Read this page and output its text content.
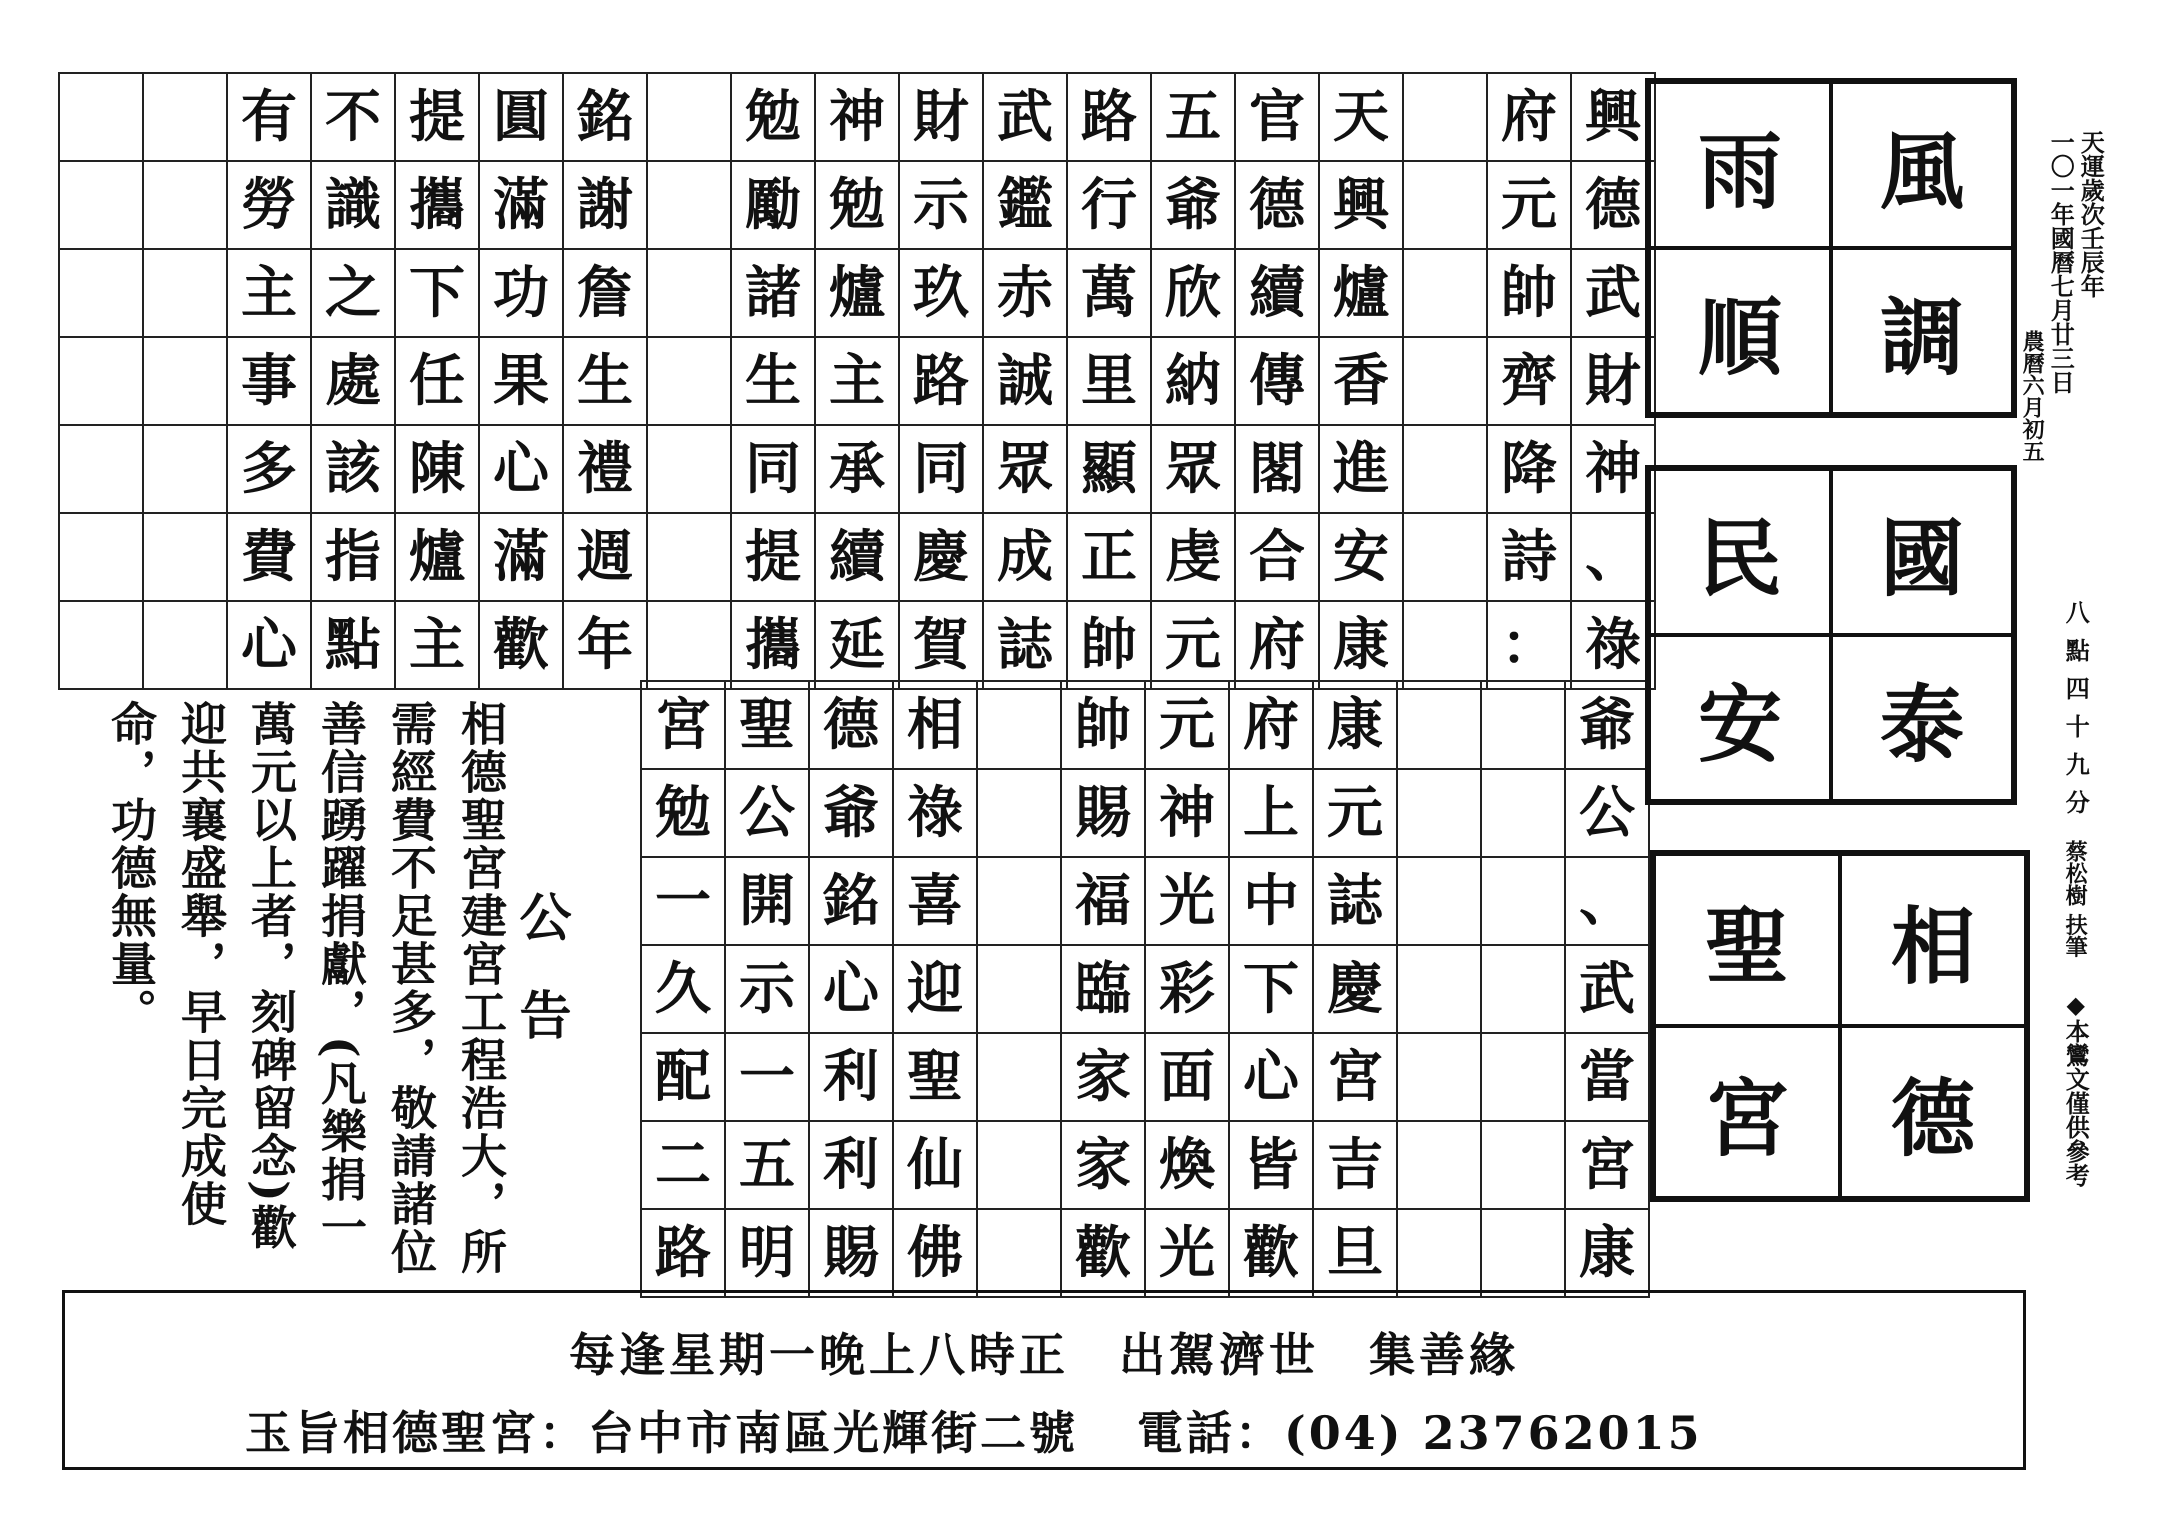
		有	不	提	圓	銘		勉	神	財	武	路	五	官	天		府	興
		勞	識	攜	滿	謝		勵	勉	示	鑑	行	爺	德	興		元	德
		主	之	下	功	詹		諸	爐	玖	赤	萬	欣	續	爐		帥	武
		事	處	任	果	生		生	主	路	誠	里	納	傳	香		齊	財
		多	該	陳	心	禮		同	承	同	眾	顯	眾	閣	進		降	神
		費	指	爐	滿	週		提	續	慶	成	正	虔	合	安		詩	、
		心	點	主	歡	年		攜	延	賀	誌	帥	元	府	康		：	祿
公告
相德聖宮建宮工程浩大，所
需經費不足甚多，敬請諸位
善信踴躍捐獻，(凡樂捐一
萬元以上者，刻碑留念)歡
迎共襄盛舉，早日完成使
命，功德無量。	宮	聖	德	相		帥	元	府	康			爺
勉	公	爺	祿		賜	神	上	元			公
一	開	銘	喜		福	光	中	誌			、
久	示	心	迎		臨	彩	下	慶			武
配	一	利	聖		家	面	心	宮			當
二	五	利	仙		家	煥	皆	吉			宮
路	明	賜	佛		歡	光	歡	旦			康
雨	風
順	調
民	國
安	泰
聖	相
宮	德
天運歲次壬辰年
一〇一年國曆七月廿三日
農曆六月初五
八點四十九分
蔡松樹 扶筆
◆本鸞文僅供參考
每逢星期一晚上八時正　出駕濟世　集善緣
玉旨相德聖宮：台中市南區光輝街二號 電話：(04) 23762015
